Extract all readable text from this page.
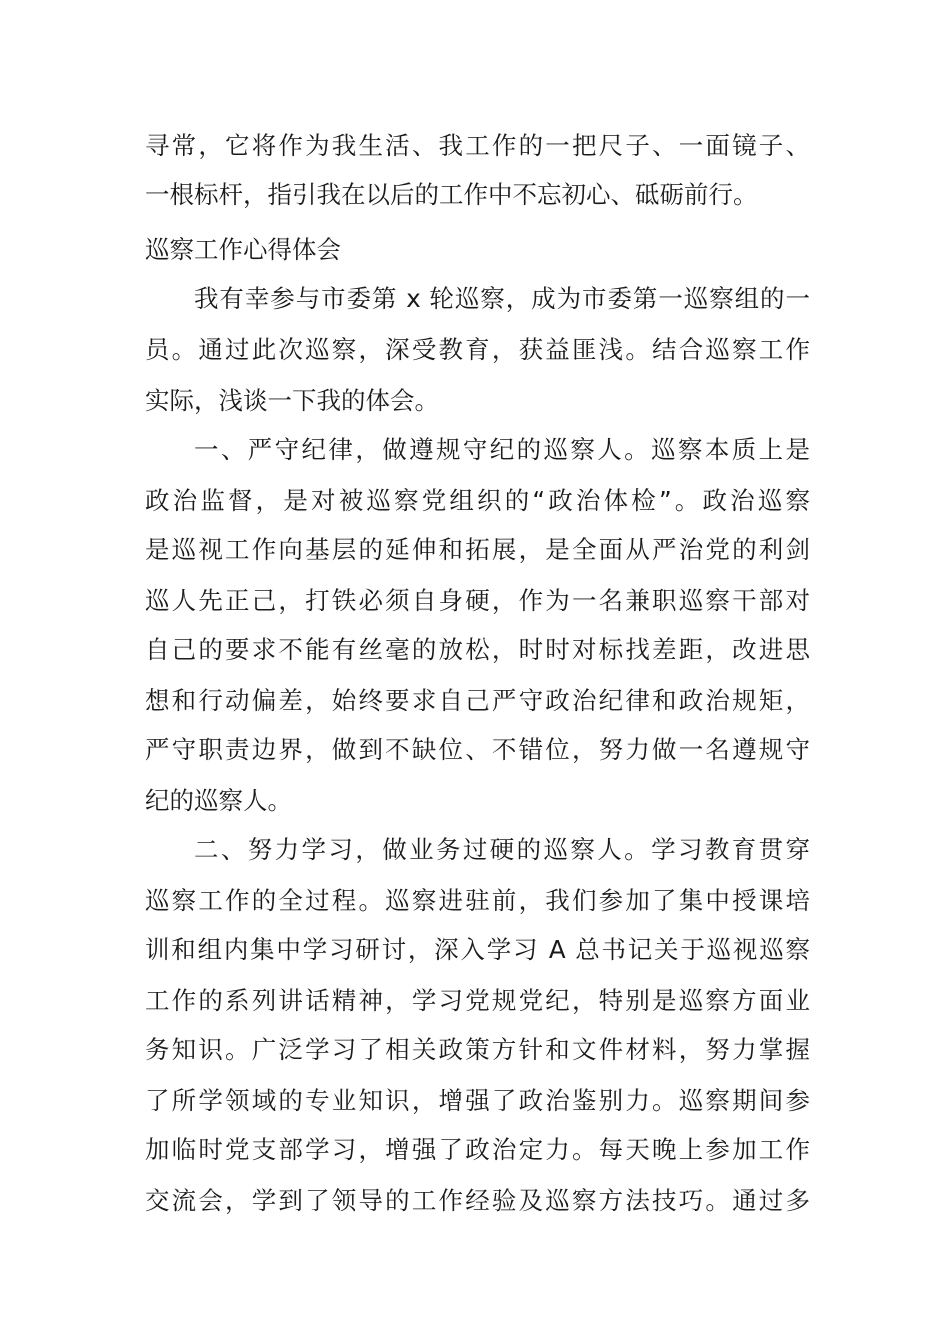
寻常，它将作为我生活、我工作的一把尺子、一面镜子、
一根标杆，指引我在以后的工作中不忘初心、砥砺前行。
巡察工作心得体会
我有幸参与市委第 x 轮巡察，成为市委第一巡察组的一
员。通过此次巡察，深受教育，获益匪浅。结合巡察工作
实际，浅谈一下我的体会。
一、严守纪律，做遵规守纪的巡察人。巡察本质上是
政治监督，是对被巡察党组织的“政治体检”。政治巡察
是巡视工作向基层的延伸和拓展，是全面从严治党的利剑
巡人先正己，打铁必须自身硬，作为一名兼职巡察干部对
自己的要求不能有丝毫的放松，时时对标找差距，改进思
想和行动偏差，始终要求自己严守政治纪律和政治规矩，
严守职责边界，做到不缺位、不错位，努力做一名遵规守
纪的巡察人。
二、努力学习，做业务过硬的巡察人。学习教育贯穿
巡察工作的全过程。巡察进驻前，我们参加了集中授课培
训和组内集中学习研讨，深入学习 A 总书记关于巡视巡察
工作的系列讲话精神，学习党规党纪，特别是巡察方面业
务知识。广泛学习了相关政策方针和文件材料，努力掌握
了所学领域的专业知识，增强了政治鉴别力。巡察期间参
加临时党支部学习，增强了政治定力。每天晚上参加工作
交流会，学到了领导的工作经验及巡察方法技巧。通过多
